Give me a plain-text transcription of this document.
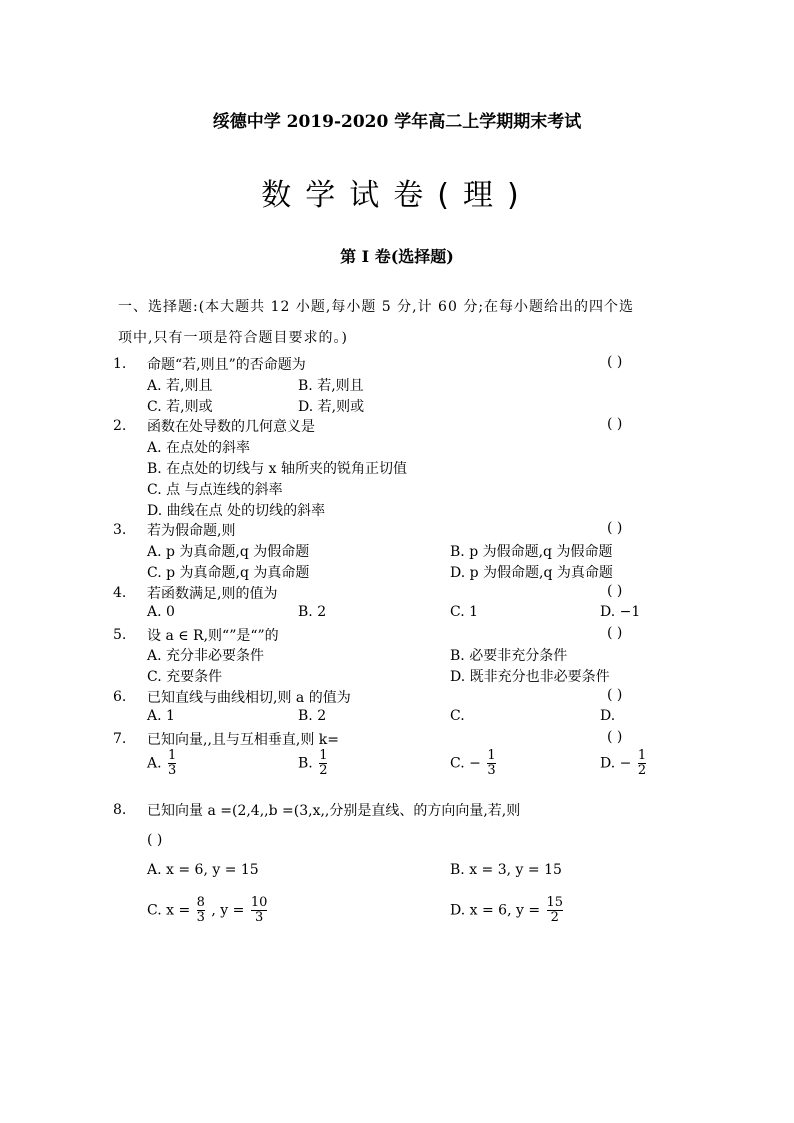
绥德中学 2019-2020 学年高二上学期期末考试
数学试卷(理)
第 I 卷(选择题)
一、选择题:(本大题共 12 小题,每小题 5 分,计 60 分;在每小题给出的四个选
项中,只有一项是符合题目要求的。)
1. 命题“若,则且”的否命题为	( )
A. 若,则且	B. 若,则且
C. 若,则或	D. 若,则或
2. 函数在处导数的几何意义是	( )
A. 在点处的斜率
B. 在点处的切线与 x 轴所夹的锐角正切值
C. 点 与点连线的斜率
D. 曲线在点 处的切线的斜率
3. 若为假命题,则	( )
A. p 为真命题,q 为假命题	B. p 为假命题,q 为假命题
C. p 为真命题,q 为真命题	D. p 为假命题,q 为真命题
4. 若函数满足,则的值为	( )
A. 0	B. 2	C. 1	D. −1
5. 设 a ∈ R,则“”是“”的	( )
A. 充分非必要条件	B. 必要非充分条件
C. 充要条件	D. 既非充分也非必要条件
6. 已知直线与曲线相切,则 a 的值为	( )
A. 1	B. 2	C.	D.
7. 已知向量,,且与互相垂直,则 k=	( )
A. $\frac{1}{3}$	B. $\frac{1}{2}$	C. − $\frac{1}{3}$	D. − $\frac{1}{2}$
8. 已知向量 a =(2,4,,b =(3,x,,分别是直线、的方向向量,若,则
( )
A. x = 6, y = 15	B. x = 3, y = 15
C. $x = \frac{8}{3}$ , $y = \frac{10}{3}$	D. x = 6, $y = \frac{15}{2}$
